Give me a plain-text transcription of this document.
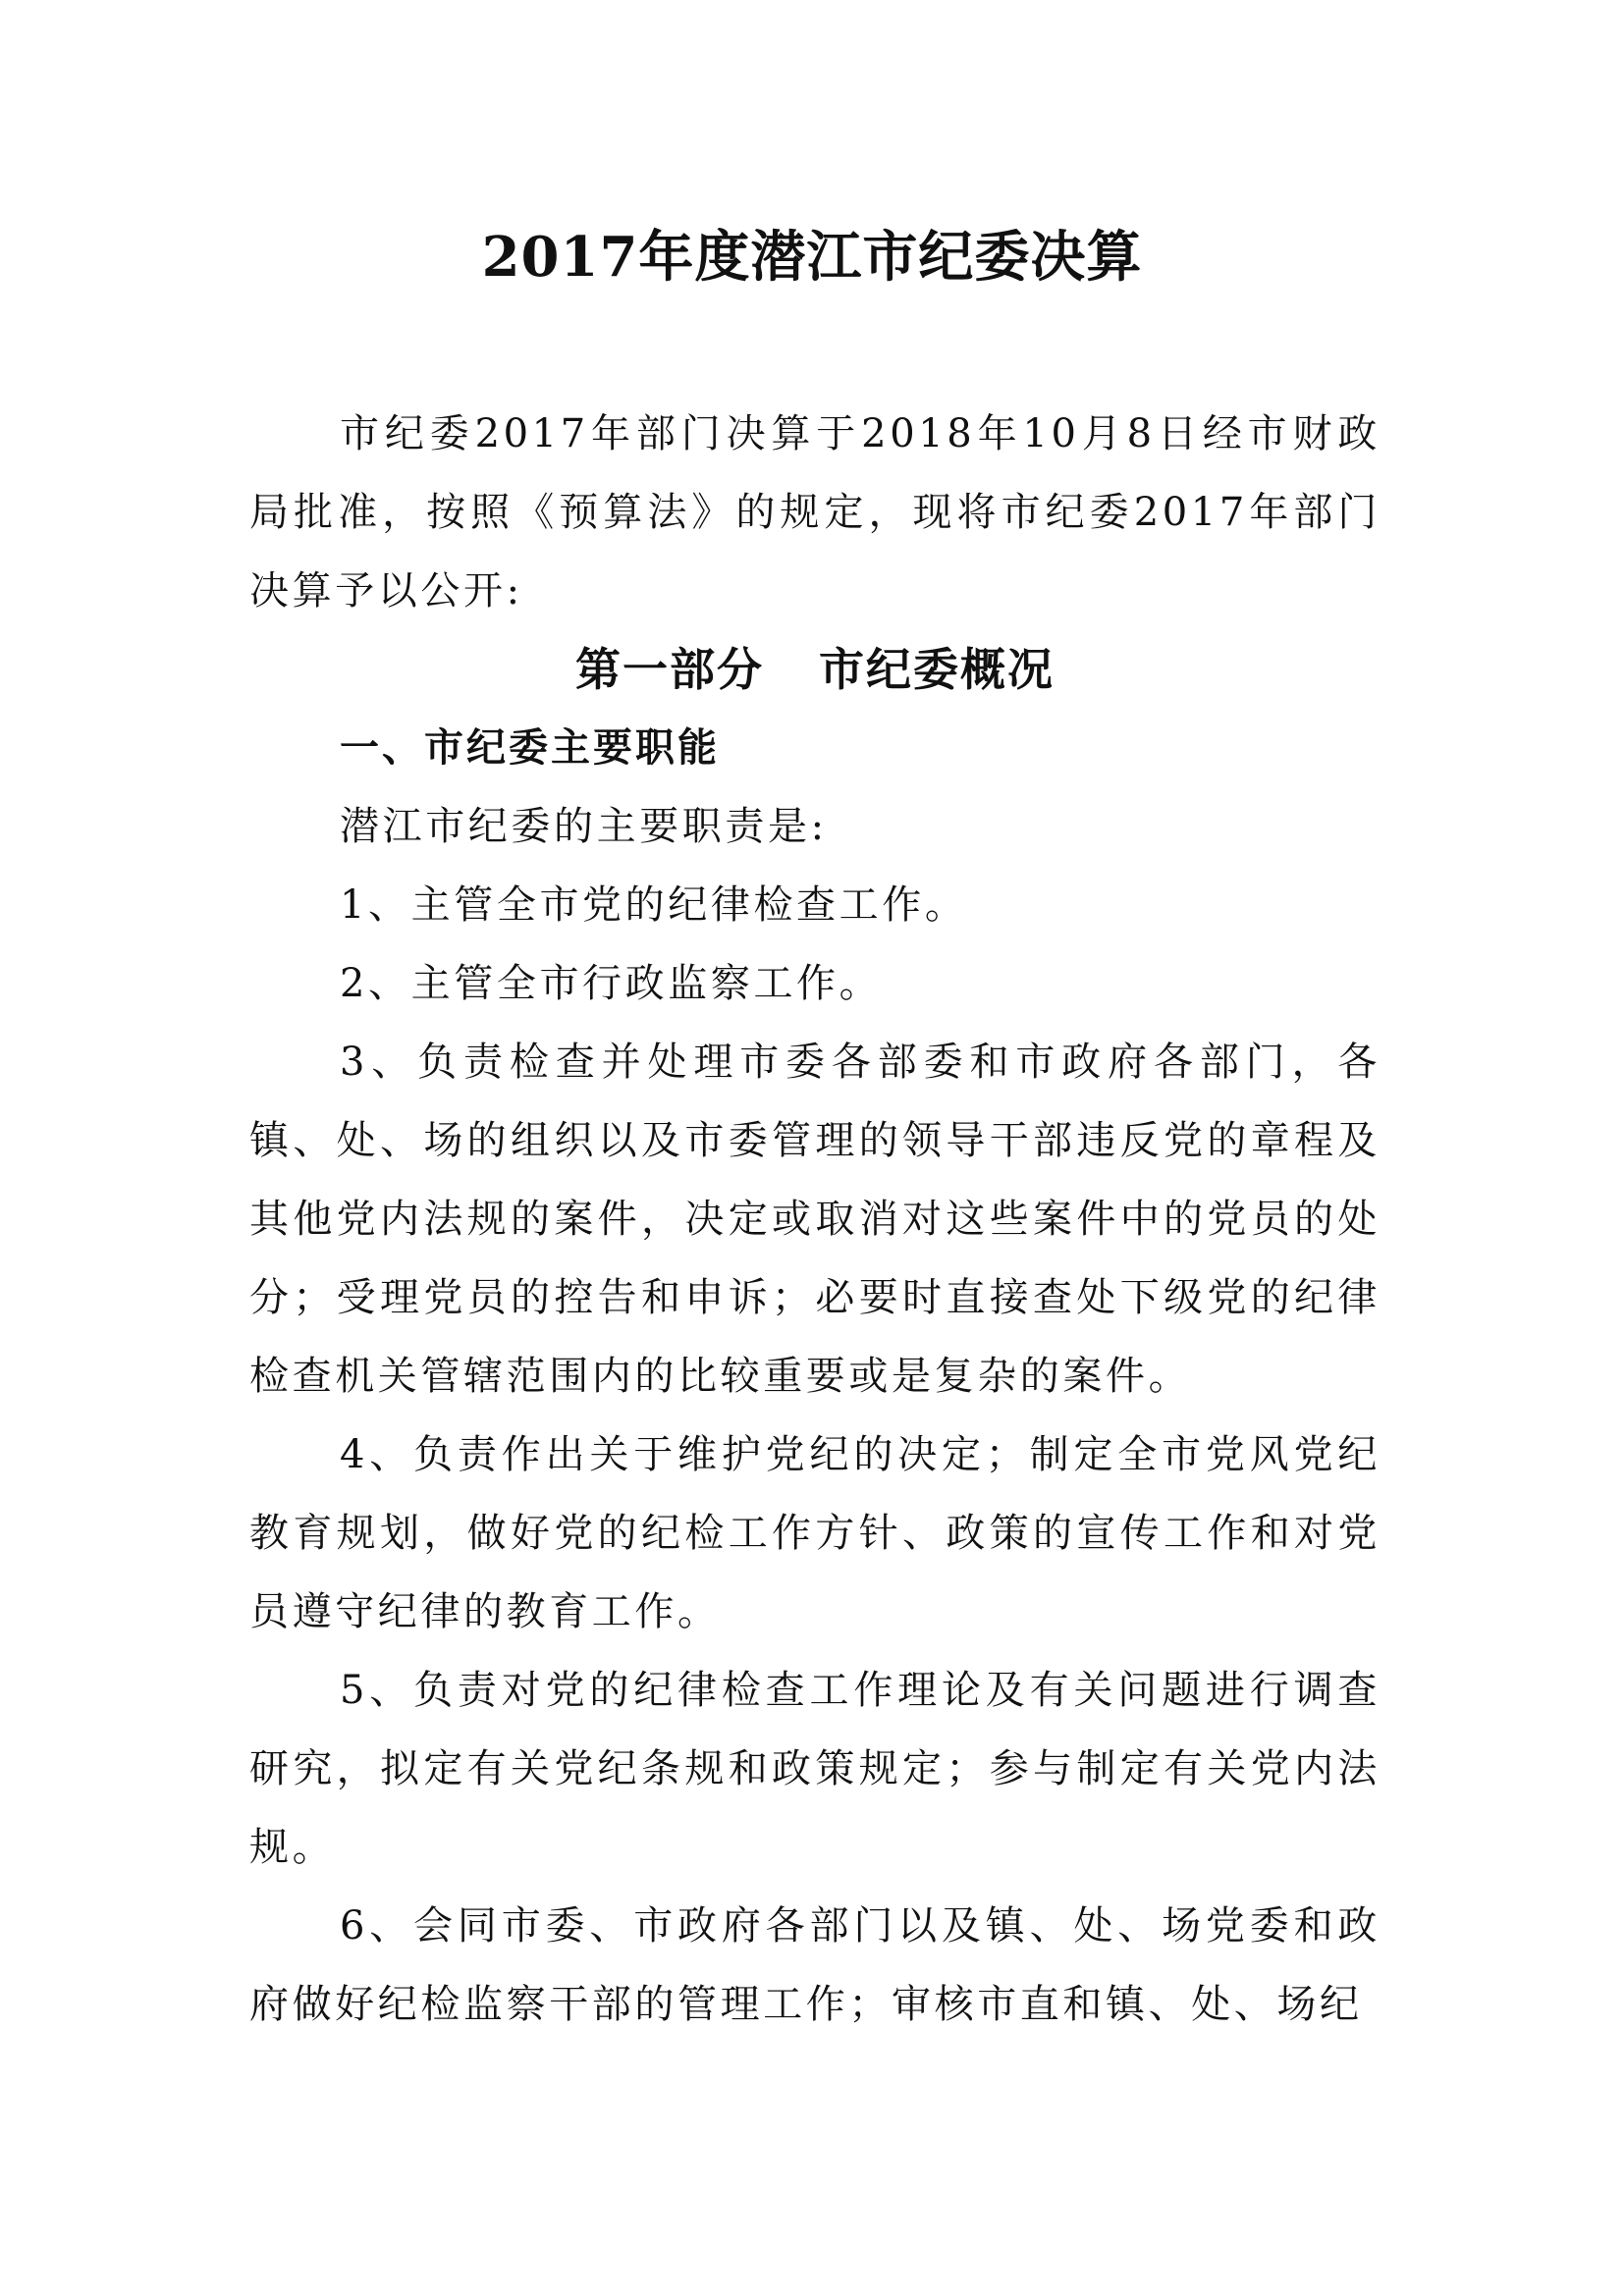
2017年度潜江市纪委决算

市纪委2017年部门决算于2018年10月8日经市财政局批准，按照《预算法》的规定，现将市纪委2017年部门决算予以公开:

第一部分 市纪委概况

一、市纪委主要职能

潜江市纪委的主要职责是:

1、主管全市党的纪律检查工作。

2、主管全市行政监察工作。

3、负责检查并处理市委各部委和市政府各部门，各镇、处、场的组织以及市委管理的领导干部违反党的章程及其他党内法规的案件，决定或取消对这些案件中的党员的处分；受理党员的控告和申诉；必要时直接查处下级党的纪律检查机关管辖范围内的比较重要或是复杂的案件。

4、负责作出关于维护党纪的决定；制定全市党风党纪教育规划，做好党的纪检工作方针、政策的宣传工作和对党员遵守纪律的教育工作。

5、负责对党的纪律检查工作理论及有关问题进行调查研究，拟定有关党纪条规和政策规定；参与制定有关党内法规。

6、会同市委、市政府各部门以及镇、处、场党委和政府做好纪检监察干部的管理工作；审核市直和镇、处、场纪
